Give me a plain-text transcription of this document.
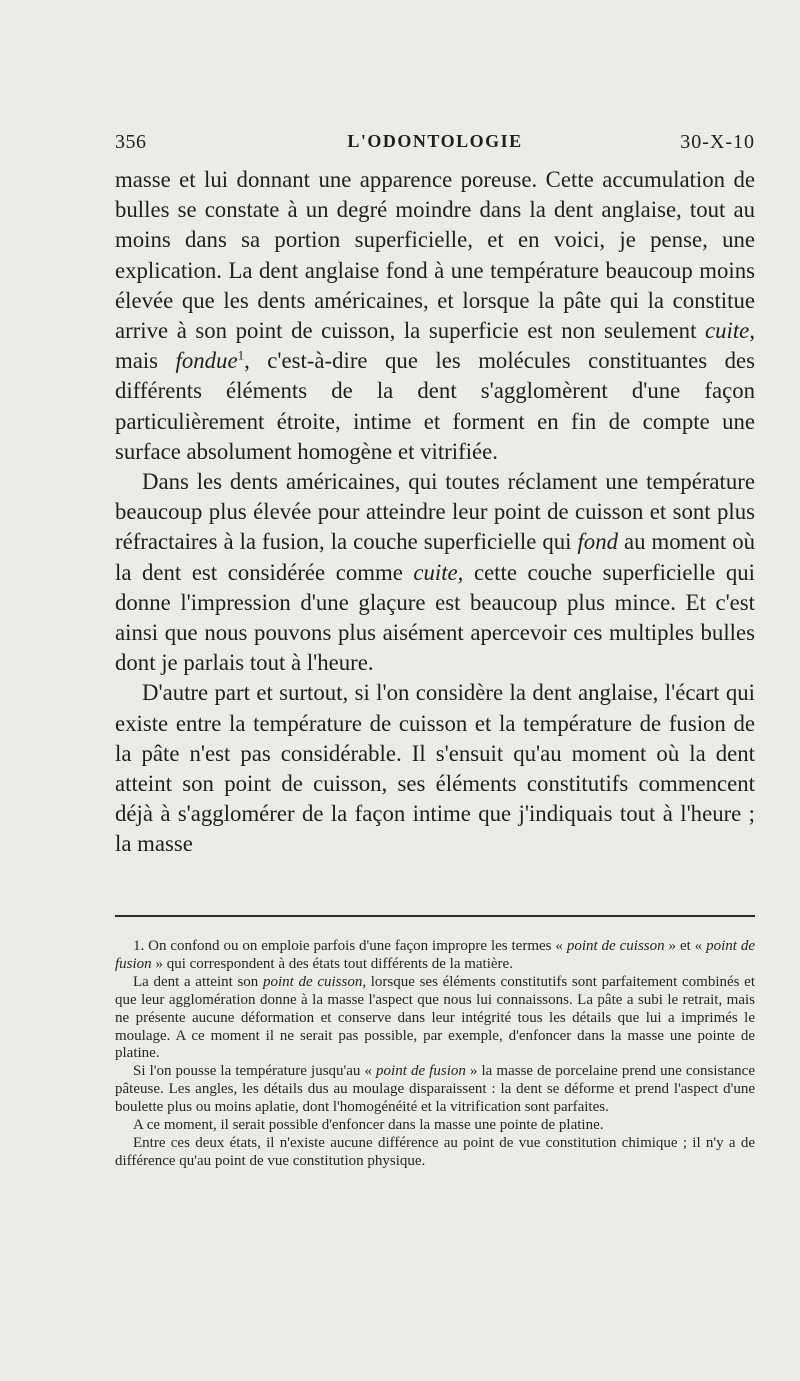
356	L'ODONTOLOGIE	30-X-10

masse et lui donnant une apparence poreuse. Cette accumulation de bulles se constate à un degré moindre dans la dent anglaise, tout au moins dans sa portion superficielle, et en voici, je pense, une explication. La dent anglaise fond à une température beaucoup moins élevée que les dents américaines, et lorsque la pâte qui la constitue arrive à son point de cuisson, la superficie est non seulement cuite, mais fondue$^1$, c'est-à-dire que les molécules constituantes des différents éléments de la dent s'agglomèrent d'une façon particulièrement étroite, intime et forment en fin de compte une surface absolument homogène et vitrifiée.

Dans les dents américaines, qui toutes réclament une température beaucoup plus élevée pour atteindre leur point de cuisson et sont plus réfractaires à la fusion, la couche superficielle qui fond au moment où la dent est considérée comme cuite, cette couche superficielle qui donne l'impression d'une glaçure est beaucoup plus mince. Et c'est ainsi que nous pouvons plus aisément apercevoir ces multiples bulles dont je parlais tout à l'heure.

D'autre part et surtout, si l'on considère la dent anglaise, l'écart qui existe entre la température de cuisson et la température de fusion de la pâte n'est pas considérable. Il s'ensuit qu'au moment où la dent atteint son point de cuisson, ses éléments constitutifs commencent déjà à s'agglomérer de la façon intime que j'indiquais tout à l'heure ; la masse

1. On confond ou on emploie parfois d'une façon impropre les termes « point de cuisson » et « point de fusion » qui correspondent à des états tout différents de la matière.

La dent a atteint son point de cuisson, lorsque ses éléments constitutifs sont parfaitement combinés et que leur agglomération donne à la masse l'aspect que nous lui connaissons. La pâte a subi le retrait, mais ne présente aucune déformation et conserve dans leur intégrité tous les détails que lui a imprimés le moulage. A ce moment il ne serait pas possible, par exemple, d'enfoncer dans la masse une pointe de platine.

Si l'on pousse la température jusqu'au « point de fusion » la masse de porcelaine prend une consistance pâteuse. Les angles, les détails dus au moulage disparaissent : la dent se déforme et prend l'aspect d'une boulette plus ou moins aplatie, dont l'homogénéité et la vitrification sont parfaites.

A ce moment, il serait possible d'enfoncer dans la masse une pointe de platine.

Entre ces deux états, il n'existe aucune différence au point de vue constitution chimique ; il n'y a de différence qu'au point de vue constitution physique.
